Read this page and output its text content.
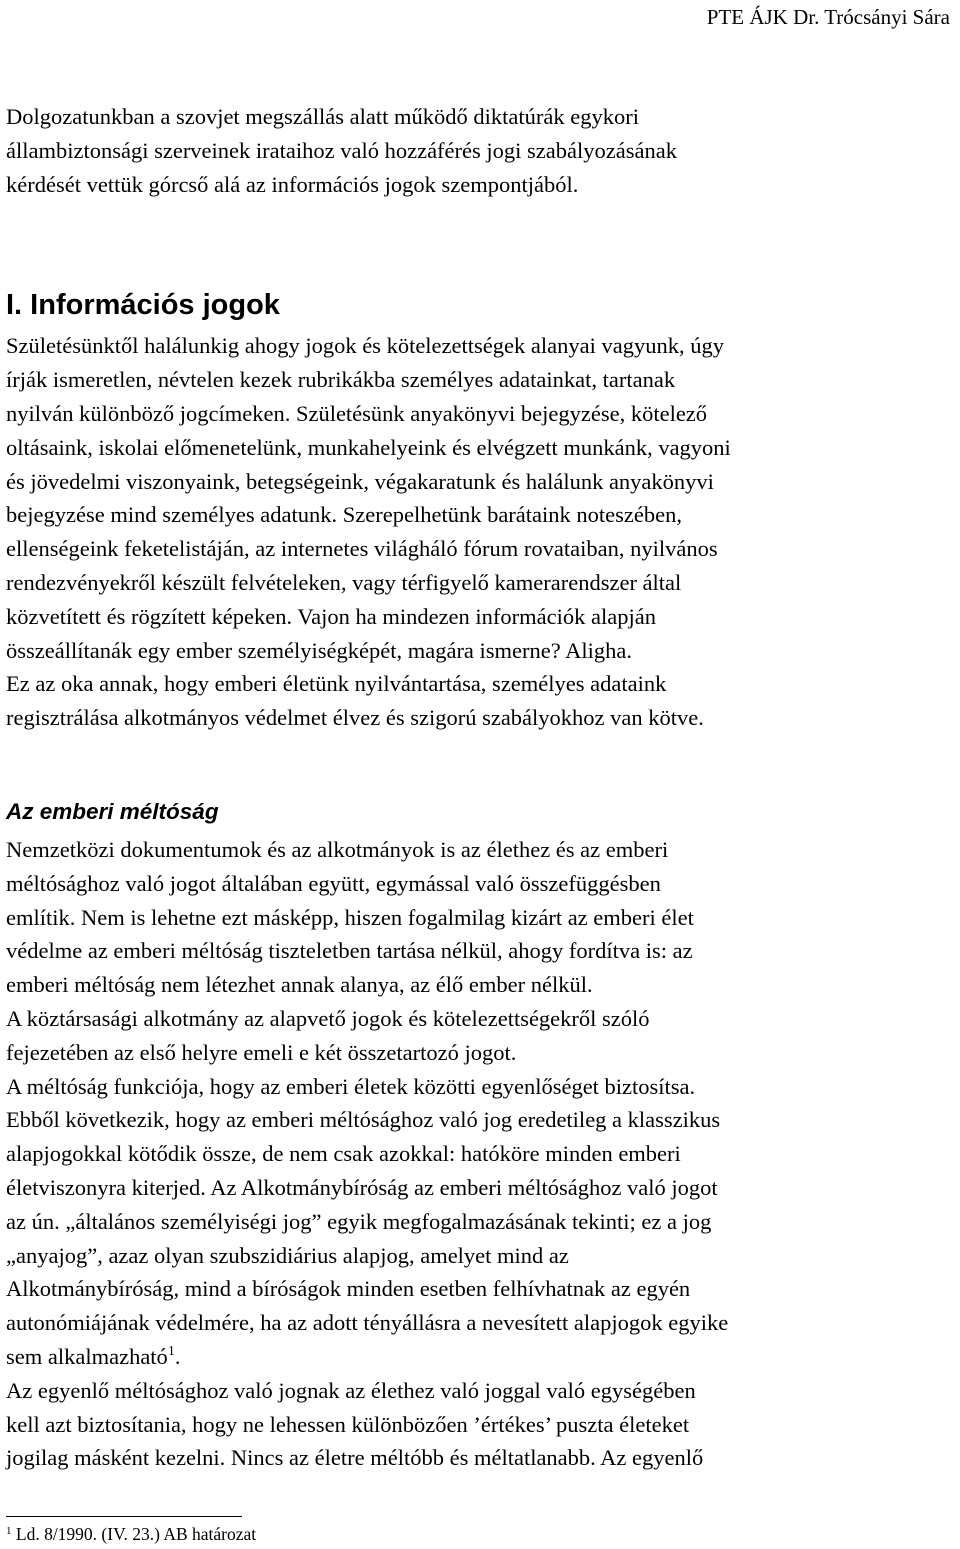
PTE ÁJK Dr. Trócsányi Sára
Dolgozatunkban a szovjet megszállás alatt működő diktatúrák egykori
állambiztonsági szerveinek irataihoz való hozzáférés jogi szabályozásának
kérdését vettük górcső alá az információs jogok szempontjából.
I. Információs jogok
Születésünktől halálunkig ahogy jogok és kötelezettségek alanyai vagyunk, úgy
írják ismeretlen, névtelen kezek rubrikákba személyes adatainkat, tartanak
nyilván különböző jogcímeken. Születésünk anyakönyvi bejegyzése, kötelező
oltásaink, iskolai előmenetelünk, munkahelyeink és elvégzett munkánk, vagyoni
és jövedelmi viszonyaink, betegségeink, végakaratunk és halálunk anyakönyvi
bejegyzése mind személyes adatunk. Szerepelhetünk barátaink noteszében,
ellenségeink feketelistáján, az internetes világháló fórum rovataiban, nyilvános
rendezvényekről készült felvételeken, vagy térfigyelő kamerarendszer által
közvetített és rögzített képeken. Vajon ha mindezen információk alapján
összeállítanák egy ember személyiségképét, magára ismerne? Aligha.
Ez az oka annak, hogy emberi életünk nyilvántartása, személyes adataink
regisztrálása alkotmányos védelmet élvez és szigorú szabályokhoz van kötve.
Az emberi méltóság
Nemzetközi dokumentumok és az alkotmányok is az élethez és az emberi
méltósághoz való jogot általában együtt, egymással való összefüggésben
említik. Nem is lehetne ezt másképp, hiszen fogalmilag kizárt az emberi élet
védelme az emberi méltóság tiszteletben tartása nélkül, ahogy fordítva is: az
emberi méltóság nem létezhet annak alanya, az élő ember nélkül.
A köztársasági alkotmány az alapvető jogok és kötelezettségekről szóló
fejezetében az első helyre emeli e két összetartozó jogot.
A méltóság funkciója, hogy az emberi életek közötti egyenlőséget biztosítsa.
Ebből következik, hogy az emberi méltósághoz való jog eredetileg a klasszikus
alapjogokkal kötődik össze, de nem csak azokkal: hatóköre minden emberi
életviszonyra kiterjed. Az Alkotmánybíróság az emberi méltósághoz való jogot
az ún. „általános személyiségi jog” egyik megfogalmazásának tekinti; ez a jog
„anyajog”, azaz olyan szubszidiárius alapjog, amelyet mind az
Alkotmánybíróság, mind a bíróságok minden esetben felhívhatnak az egyén
autonómiájának védelmére, ha az adott tényállásra a nevesített alapjogok egyike
sem alkalmazható$^1$.
Az egyenlő méltósághoz való jognak az élethez való joggal való egységében
kell azt biztosítania, hogy ne lehessen különbözően ’értékes’ puszta életeket
jogilag másként kezelni. Nincs az életre méltóbb és méltatlanabb. Az egyenlő
$^1$ Ld. 8/1990. (IV. 23.) AB határozat
